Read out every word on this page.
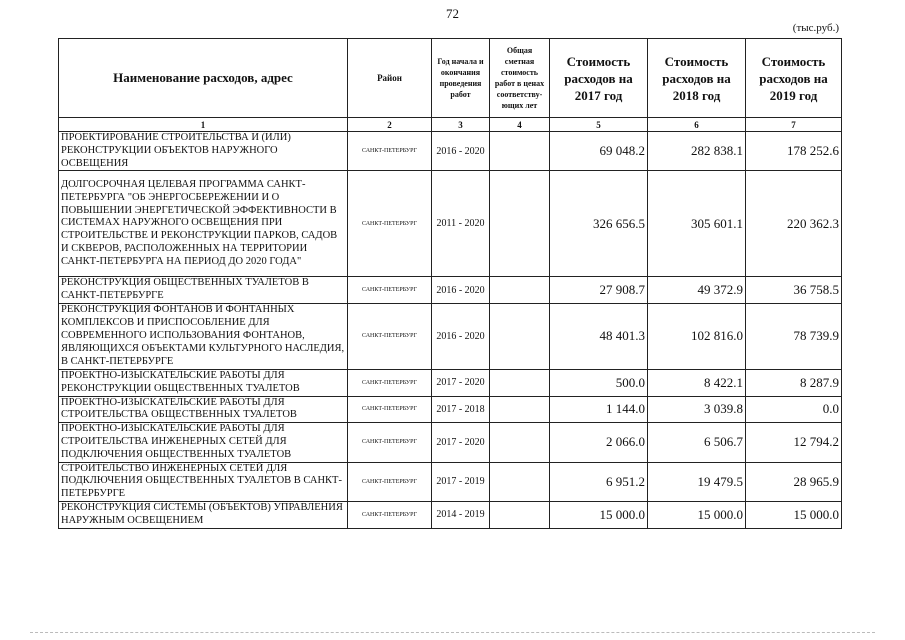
72
(тыс.руб.)
Наименование расходов, адрес	Район	Год начала и окончания проведения работ	Общая сметная стоимость работ в ценах соответству-ющих лет	Стоимость расходов на 2017 год	Стоимость расходов на 2018 год	Стоимость расходов на 2019 год
1	2	3	4	5	6	7
ПРОЕКТИРОВАНИЕ СТРОИТЕЛЬСТВА И (ИЛИ) РЕКОНСТРУКЦИИ ОБЪЕКТОВ НАРУЖНОГО ОСВЕЩЕНИЯ	САНКТ-ПЕТЕРБУРГ	2016 - 2020		69 048.2	282 838.1	178 252.6
ДОЛГОСРОЧНАЯ ЦЕЛЕВАЯ ПРОГРАММА САНКТ-ПЕТЕРБУРГА "ОБ ЭНЕРГОСБЕРЕЖЕНИИ И О ПОВЫШЕНИИ ЭНЕРГЕТИЧЕСКОЙ ЭФФЕКТИВНОСТИ В СИСТЕМАХ НАРУЖНОГО ОСВЕЩЕНИЯ ПРИ СТРОИТЕЛЬСТВЕ И РЕКОНСТРУКЦИИ ПАРКОВ, САДОВ И СКВЕРОВ, РАСПОЛОЖЕННЫХ НА ТЕРРИТОРИИ САНКТ-ПЕТЕРБУРГА НА ПЕРИОД ДО 2020 ГОДА"	САНКТ-ПЕТЕРБУРГ	2011 - 2020		326 656.5	305 601.1	220 362.3
РЕКОНСТРУКЦИЯ ОБЩЕСТВЕННЫХ ТУАЛЕТОВ В САНКТ-ПЕТЕРБУРГЕ	САНКТ-ПЕТЕРБУРГ	2016 - 2020		27 908.7	49 372.9	36 758.5
РЕКОНСТРУКЦИЯ ФОНТАНОВ И ФОНТАННЫХ КОМПЛЕКСОВ И ПРИСПОСОБЛЕНИЕ ДЛЯ СОВРЕМЕННОГО ИСПОЛЬЗОВАНИЯ ФОНТАНОВ, ЯВЛЯЮЩИХСЯ ОБЪЕКТАМИ КУЛЬТУРНОГО НАСЛЕДИЯ, В САНКТ-ПЕТЕРБУРГЕ	САНКТ-ПЕТЕРБУРГ	2016 - 2020		48 401.3	102 816.0	78 739.9
ПРОЕКТНО-ИЗЫСКАТЕЛЬСКИЕ РАБОТЫ ДЛЯ РЕКОНСТРУКЦИИ ОБЩЕСТВЕННЫХ ТУАЛЕТОВ	САНКТ-ПЕТЕРБУРГ	2017 - 2020		500.0	8 422.1	8 287.9
ПРОЕКТНО-ИЗЫСКАТЕЛЬСКИЕ РАБОТЫ ДЛЯ СТРОИТЕЛЬСТВА ОБЩЕСТВЕННЫХ ТУАЛЕТОВ	САНКТ-ПЕТЕРБУРГ	2017 - 2018		1 144.0	3 039.8	0.0
ПРОЕКТНО-ИЗЫСКАТЕЛЬСКИЕ РАБОТЫ ДЛЯ СТРОИТЕЛЬСТВА ИНЖЕНЕРНЫХ СЕТЕЙ ДЛЯ ПОДКЛЮЧЕНИЯ ОБЩЕСТВЕННЫХ ТУАЛЕТОВ	САНКТ-ПЕТЕРБУРГ	2017 - 2020		2 066.0	6 506.7	12 794.2
СТРОИТЕЛЬСТВО ИНЖЕНЕРНЫХ СЕТЕЙ ДЛЯ ПОДКЛЮЧЕНИЯ ОБЩЕСТВЕННЫХ ТУАЛЕТОВ В САНКТ-ПЕТЕРБУРГЕ	САНКТ-ПЕТЕРБУРГ	2017 - 2019		6 951.2	19 479.5	28 965.9
РЕКОНСТРУКЦИЯ СИСТЕМЫ (ОБЪЕКТОВ) УПРАВЛЕНИЯ НАРУЖНЫМ ОСВЕЩЕНИЕМ	САНКТ-ПЕТЕРБУРГ	2014 - 2019		15 000.0	15 000.0	15 000.0
